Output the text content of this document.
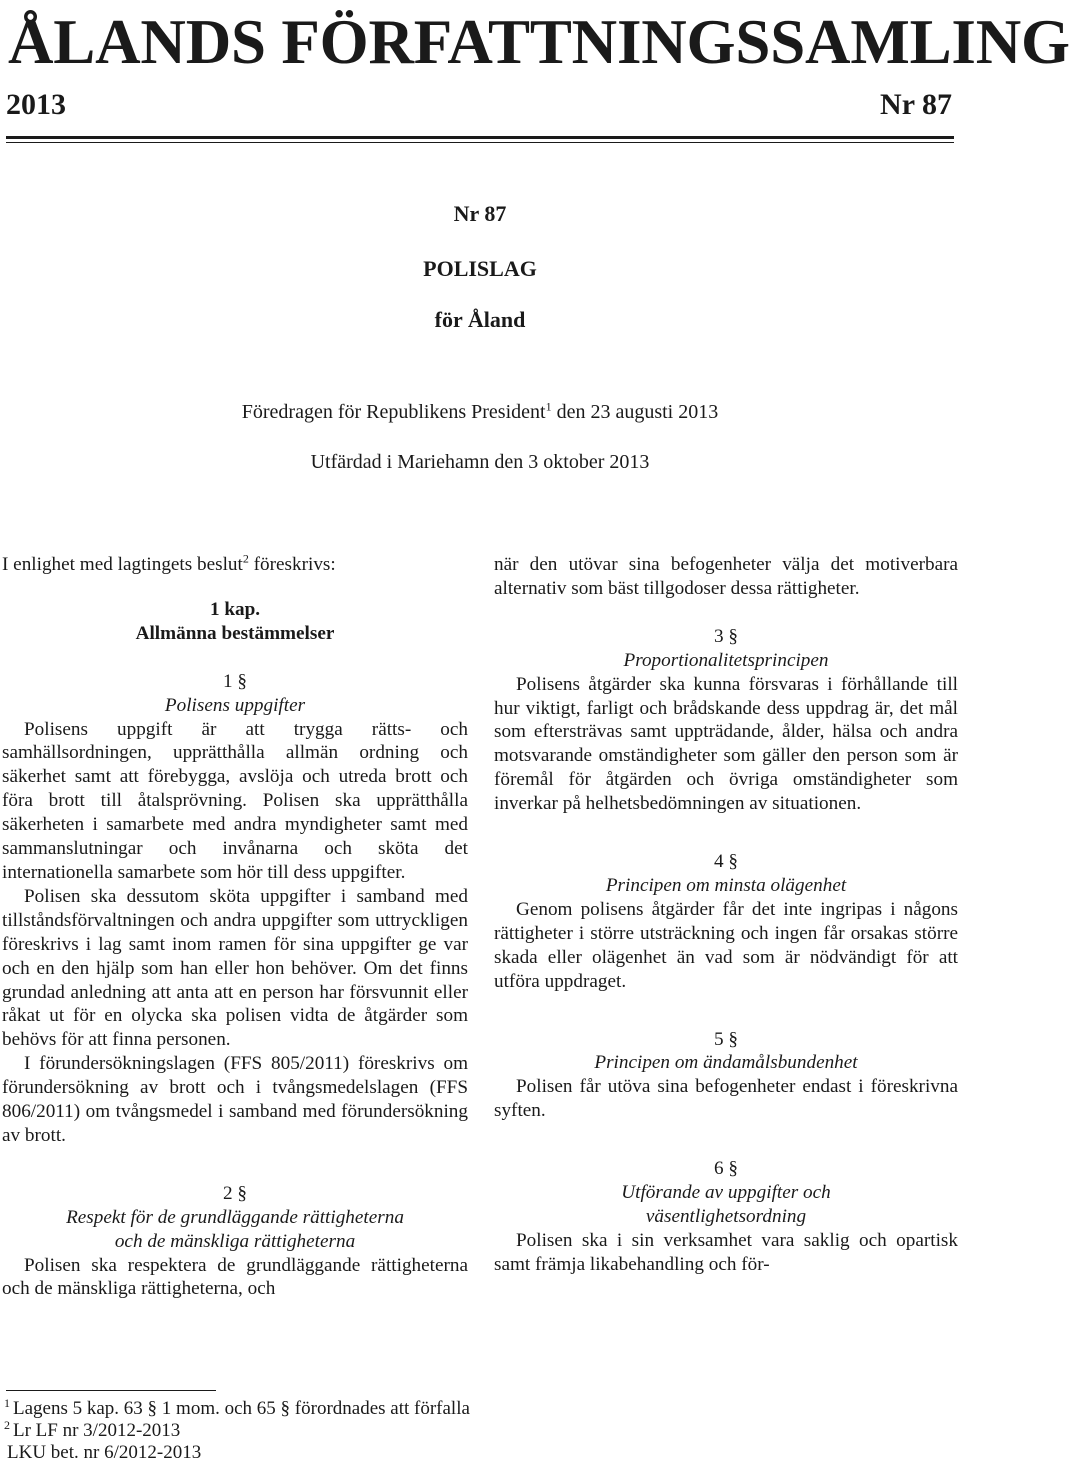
ÅLANDS FÖRFATTNINGSSAMLING
2013	Nr 87
Nr 87
POLISLAG
för Åland
Föredragen för Republikens President$^1$ den 23 augusti 2013
Utfärdad i Mariehamn den 3 oktober 2013

I enlighet med lagtingets beslut$^2$ föreskrivs:

1 kap.
Allmänna bestämmelser
1 §
Polisens uppgifter

Polisens uppgift är att trygga rätts- och samhällsordningen, upprätthålla allmän ordning och säkerhet samt att förebygga, avslöja och utreda brott och föra brott till åtalsprövning. Polisen ska upprätthålla säkerheten i samarbete med andra myndigheter samt med sammanslutningar och invånarna och sköta det internationella samarbete som hör till dess uppgifter.

Polisen ska dessutom sköta uppgifter i samband med tillståndsförvaltningen och andra uppgifter som uttryckligen föreskrivs i lag samt inom ramen för sina uppgifter ge var och en den hjälp som han eller hon behöver. Om det finns grundad anledning att anta att en person har försvunnit eller råkat ut för en olycka ska polisen vidta de åtgärder som behövs för att finna personen.

I förundersökningslagen (FFS 805/2011) föreskrivs om förundersökning av brott och i tvångsmedelslagen (FFS 806/2011) om tvångsmedel i samband med förundersökning av brott.

2 §
Respekt för de grundläggande rättigheterna
och de mänskliga rättigheterna

Polisen ska respektera de grundläggande rättigheterna och de mänskliga rättigheterna, och

när den utövar sina befogenheter välja det motiverbara alternativ som bäst tillgodoser dessa rättigheter.

3 §
Proportionalitetsprincipen

Polisens åtgärder ska kunna försvaras i förhållande till hur viktigt, farligt och brådskande dess uppdrag är, det mål som eftersträvas samt uppträdande, ålder, hälsa och andra motsvarande omständigheter som gäller den person som är föremål för åtgärden och övriga omständigheter som inverkar på helhetsbedömningen av situationen.

4 §
Principen om minsta olägenhet

Genom polisens åtgärder får det inte ingripas i någons rättigheter i större utsträckning och ingen får orsakas större skada eller olägenhet än vad som är nödvändigt för att utföra uppdraget.

5 §
Principen om ändamålsbundenhet

Polisen får utöva sina befogenheter endast i föreskrivna syften.

6 §
Utförande av uppgifter och
väsentlighetsordning

Polisen ska i sin verksamhet vara saklig och opartisk samt främja likabehandling och för-

$^1$ Lagens 5 kap. 63 § 1 mom. och 65 § förordnades att förfalla
$^2$ Lr LF nr 3/2012-2013
LKU bet. nr 6/2012-2013
